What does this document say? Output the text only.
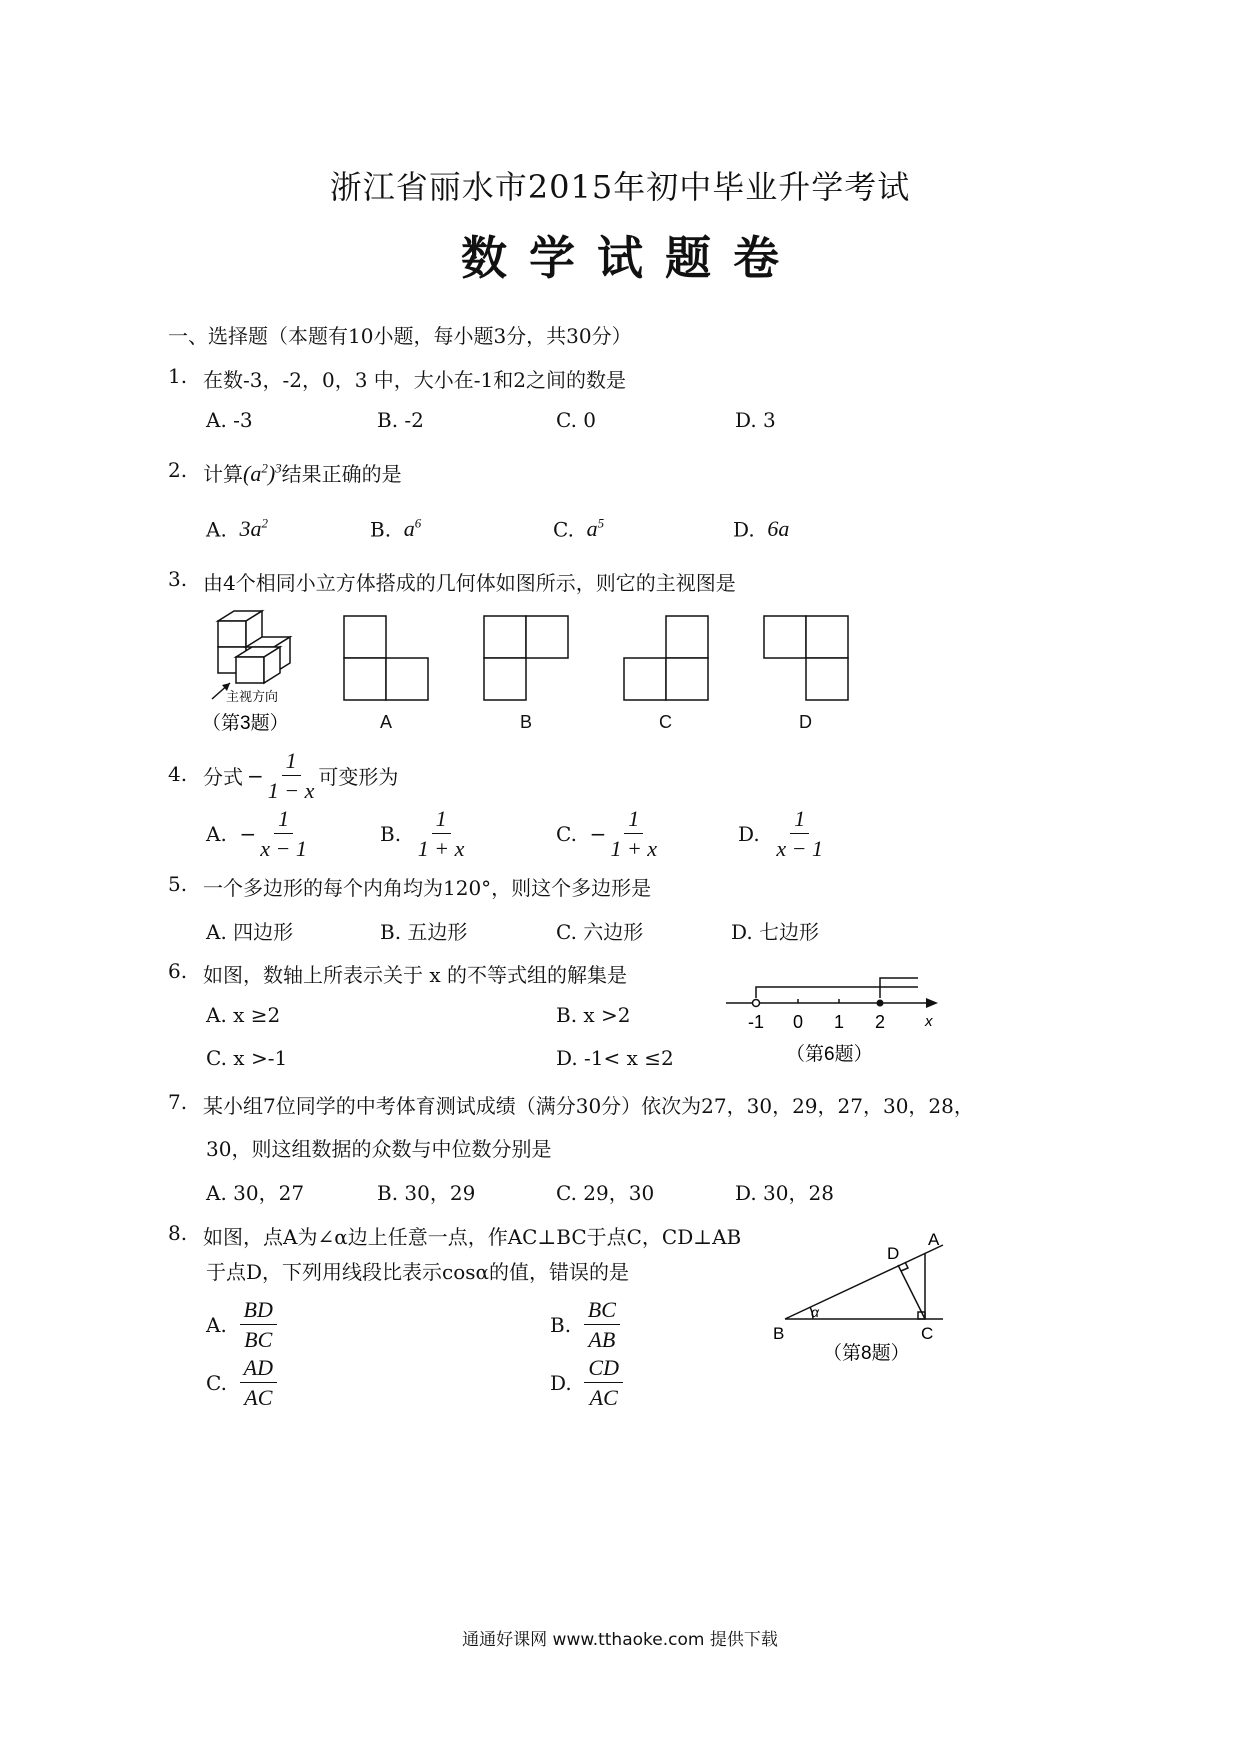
浙江省丽水市2015年初中毕业升学考试
数学试题卷
一、选择题（本题有10小题，每小题3分，共30分）
1. 在数-3，-2，0，3 中，大小在-1和2之间的数是
A. -3	B. -2	C. 0	D. 3
2. 计算$(a^2)^3$结果正确的是
A. $3a^2$	B. $a^6$	C. $a^5$	D. 6a
3. 由4个相同小立方体搭成的几何体如图所示，则它的主视图是
主视方向
（第3题）	A	B	C	D
4. 分式 − $\frac{1}{1 - x}$ 可变形为
A.
− $\frac{1}{x - 1}$	B.
$\frac{1}{1 + x}$	C.
− $\frac{1}{1 + x}$	D.
$\frac{1}{x - 1}$
5. 一个多边形的每个内角均为120°，则这个多边形是
A. 四边形	B. 五边形	C. 六边形	D. 七边形
6. 如图，数轴上所表示关于 x 的不等式组的解集是
A. x ≥2	B. x >2
C. x >-1	D. -1< x ≤2
-1 0 1 2	x
（第6题）
7. 某小组7位同学的中考体育测试成绩（满分30分）依次为27，30，29，27，30，28，
30，则这组数据的众数与中位数分别是
A. 30，27	B. 30，29	C. 29，30	D. 30，28
8. 如图，点A为∠α边上任意一点，作AC⊥BC于点C，CD⊥AB
于点D，下列用线段比表示cosα的值，错误的是
A.
$\frac{BD}{BC}$	B.
$\frac{BC}{AB}$
C.
$\frac{AD}{AC}$	D.
$\frac{CD}{AC}$
A
B	C
D
α
（第8题）
通通好课网 www.tthaoke.com 提供下载
